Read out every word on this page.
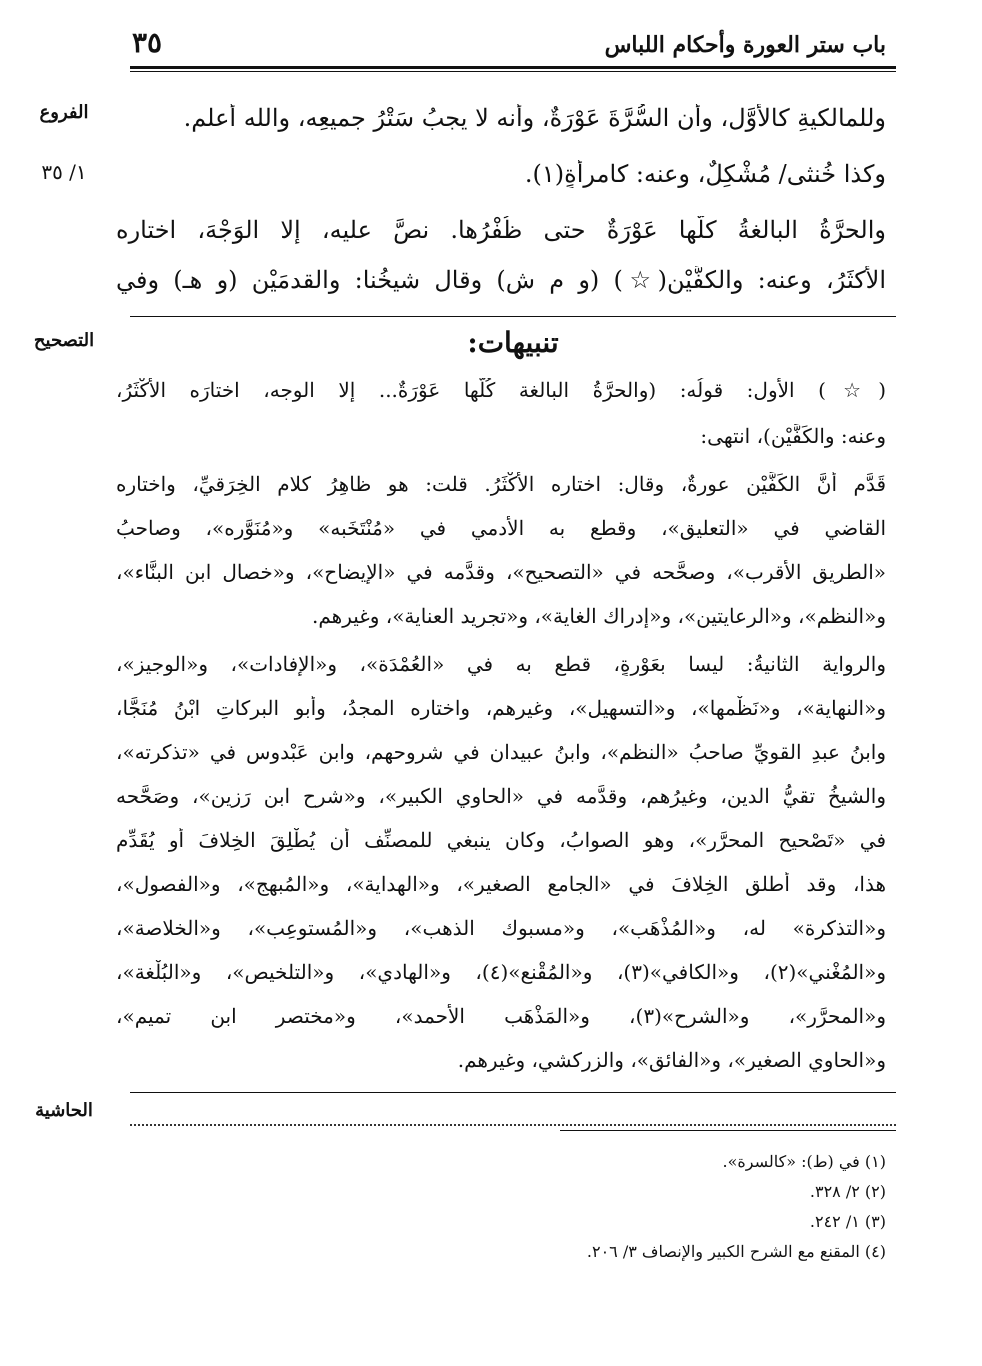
باب ستر العورة وأحكام اللباس
٣٥
الفروع
١/ ٣٥
التصحيح
الحاشية
وللمالكيةِ كالأوَّلِ، وأن السُّرَّةَ عَوْرَةٌ، وأنه لا يجبُ سَتْرُ جميعِه، والله أعلم.
وكذا خُنثى/ مُشْكِلٌ، وعنه: كامرأةٍ(١).
والحرَّةُ البالغةُ كلُّها عَوْرَةٌ حتى ظُفْرُها. نصَّ عليه، إلا الوَجْهَ، اختاره
الأكثَرُ، وعنه: والكفَّيْن(☆) (و م ش) وقال شيخُنا: والقدمَيْن (و هـ) وفي
تنبيهات:
(☆) الأول: قولُه: (والحرَّةُ البالغة كُلُّها عَوْرَةٌ... إلا الوجه، اختارَه الأكْثَرُ،
وعنه: والكَفَّيْن)، انتهى:
قَدَّم أنَّ الكَفَّيْن عورةٌ، وقال: اختاره الأكْثَرُ. قلت: هو ظاهِرُ كلام الخِرَقيِّ، واختاره
القاضي في «التعليق»، وقطع به الأدمي في «مُنْتَخَبه» و«مُنَوَّره»، وصاحبُ
«الطريق الأقرب»، وصحَّحه في «التصحيح»، وقدَّمه في «الإيضاح»، و«خصال ابن البنَّاء»،
و«النظم»، و«الرعايتين»، و«إدراك الغاية»، و«تجريد العناية»، وغيرهم.
والرواية الثانيةُ: ليسا بعَوْرةٍ، قطع به في «العُمْدَة»، و«الإفادات»، و«الوجيز»،
و«النهاية»، و«نَظْمها»، و«التسهيل»، وغيرِهم، واختاره المجدُ، وأبو البركاتِ ابْنُ مُنَجَّا،
وابنُ عبدِ القويِّ صاحبُ «النظم»، وابنُ عبيدان في شروحهم، وابن عَبْدوسٍ في «تذكرته»،
والشيخُ تقيُّ الدين، وغيرُهم، وقدَّمه في «الحاوي الكبير»، و«شرح ابن رَزِين»، وصَحَّحه
في «تَصْحيح المحرَّر»، وهو الصوابُ، وكان ينبغي للمصنِّف أن يُطْلِقَ الخِلافَ أو يُقَدِّم
هذا، وقد أطلق الخِلافَ في «الجامع الصغير»، و«الهداية»، و«المُبهج»، و«الفصول»،
و«التذكرة» له، و«المُذْهَب»، و«مسبوك الذهب»، و«المُستوعِب»، و«الخلاصة»،
و«المُغْني»(٢)، و«الكافي»(٣)، و«المُقْنع»(٤)، و«الهادي»، و«التلخيص»، و«البُلْغة»،
و«المحرَّر»، و«الشرح»(٣)، و«المَذْهَب الأحمد»، و«مختصر ابن تميم»،
و«الحاوي الصغير»، و«الفائق»، والزركشي، وغيرهم.
(١) في (ط): «كالسرة».
(٢) ٢/ ٣٢٨.
(٣) ١/ ٢٤٢.
(٤) المقنع مع الشرح الكبير والإنصاف ٣/ ٢٠٦.
